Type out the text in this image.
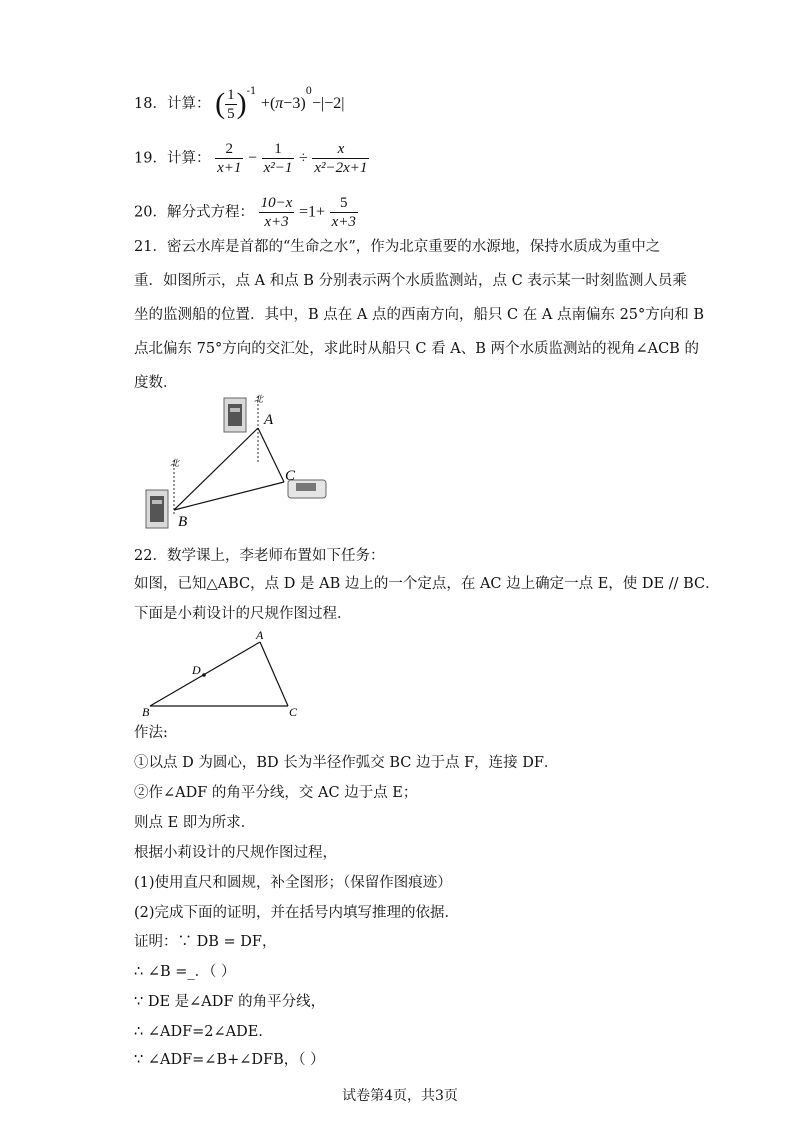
18．计算： ( $\frac{1}{5} )^{-1} +(\pi-3)^0-|-2|$
19．计算： $\frac{2}{x+1} - \frac{1}{\text{x²−1}} \div \frac{x}{\text{x²−2x+1}}$
20．解分式方程： $\frac{10-x}{x+3} =1+ \frac{5}{x+3}$
21．密云水库是首都的“生命之水”，作为北京重要的水源地，保持水质成为重中之
重．如图所示，点 A 和点 B 分别表示两个水质监测站，点 C 表示某一时刻监测人员乘
坐的监测船的位置．其中，B 点在 A 点的西南方向，船只 C 在 A 点南偏东 25°方向和 B
点北偏东 75°方向的交汇处，求此时从船只 C 看 A、B 两个水质监测站的视角∠ACB 的
度数．
北
北
A
B
C
22．数学课上，李老师布置如下任务：
如图，已知△ABC，点 D 是 AB 边上的一个定点，在 AC 边上确定一点 E，使 DE // BC．
下面是小莉设计的尺规作图过程．
A
B	C
D
作法:
①以点 D 为圆心，BD 长为半径作弧交 BC 边于点 F，连接 DF．
②作∠ADF 的角平分线，交 AC 边于点 E；
则点 E 即为所求．
根据小莉设计的尺规作图过程，
(1)使用直尺和圆规，补全图形；（保留作图痕迹）
(2)完成下面的证明，并在括号内填写推理的依据．
证明：∵ DB = DF，
∴ ∠B =_．（ ）
∵ DE 是∠ADF 的角平分线，
∴ ∠ADF=2∠ADE．
∵ ∠ADF=∠B+∠DFB，（ ）
试卷第4页，共3页
